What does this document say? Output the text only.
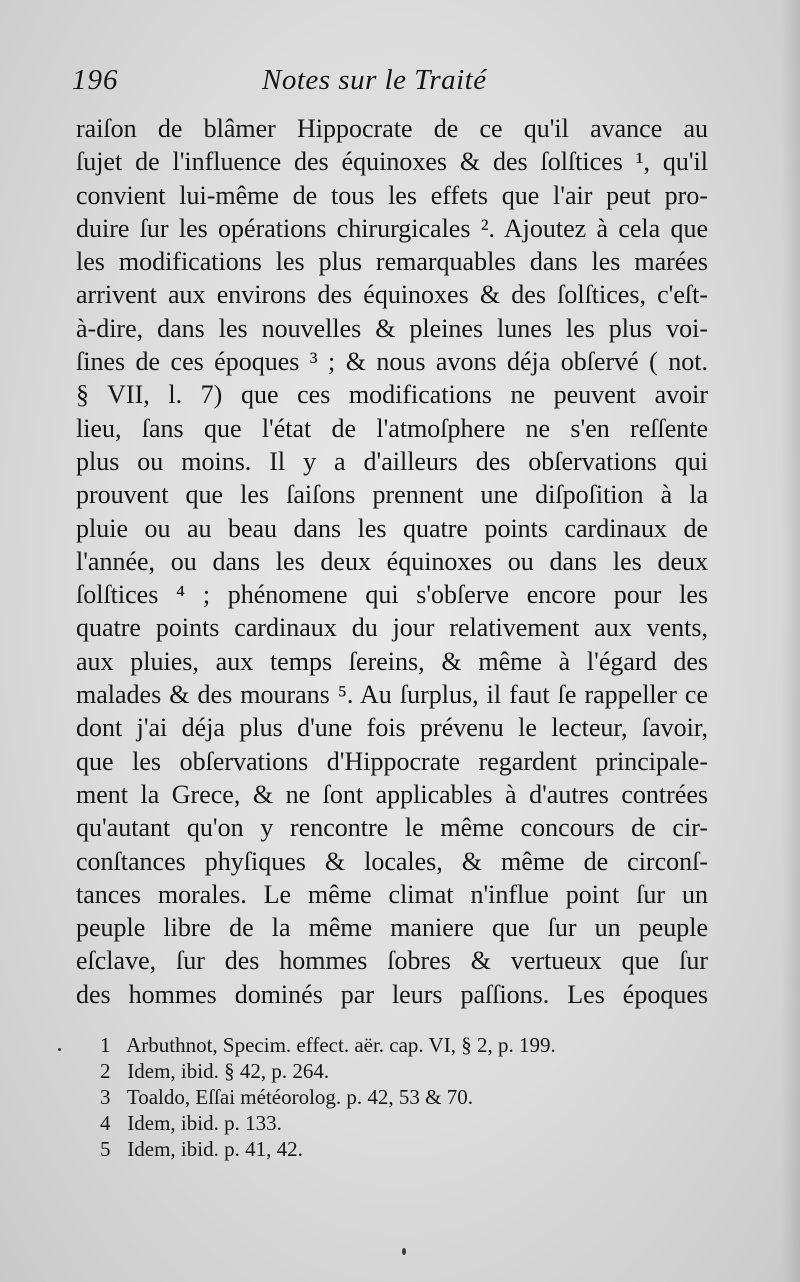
196	Notes sur le Traité
raiſon de blâmer Hippocrate de ce qu'il avance au
ſujet de l'influence des équinoxes & des ſolſtices ¹, qu'il
convient lui-même de tous les effets que l'air peut pro-
duire ſur les opérations chirurgicales ². Ajoutez à cela que
les modifications les plus remarquables dans les marées
arrivent aux environs des équinoxes & des ſolſtices, c'eſt-
à-dire, dans les nouvelles & pleines lunes les plus voi-
ſines de ces époques ³ ; & nous avons déja obſervé ( not.
§ VII, l. 7) que ces modifications ne peuvent avoir
lieu, ſans que l'état de l'atmoſphere ne s'en reſſente
plus ou moins. Il y a d'ailleurs des obſervations qui
prouvent que les ſaiſons prennent une diſpoſition à la
pluie ou au beau dans les quatre points cardinaux de
l'année, ou dans les deux équinoxes ou dans les deux
ſolſtices ⁴ ; phénomene qui s'obſerve encore pour les
quatre points cardinaux du jour relativement aux vents,
aux pluies, aux temps ſereins, & même à l'égard des
malades & des mourans ⁵. Au ſurplus, il faut ſe rappeller ce
dont j'ai déja plus d'une fois prévenu le lecteur, ſavoir,
que les obſervations d'Hippocrate regardent principale-
ment la Grece, & ne ſont applicables à d'autres contrées
qu'autant qu'on y rencontre le même concours de cir-
conſtances phyſiques & locales, & même de circonſ-
tances morales. Le même climat n'influe point ſur un
peuple libre de la même maniere que ſur un peuple
eſclave, ſur des hommes ſobres & vertueux que ſur
des hommes dominés par leurs paſſions. Les époques
1 Arbuthnot, Specim. effect. aër. cap. VI, § 2, p. 199.
2 Idem, ibid. § 42, p. 264.
3 Toaldo, Eſſai météorolog. p. 42, 53 & 70.
4 Idem, ibid. p. 133.
5 Idem, ibid. p. 41, 42.
